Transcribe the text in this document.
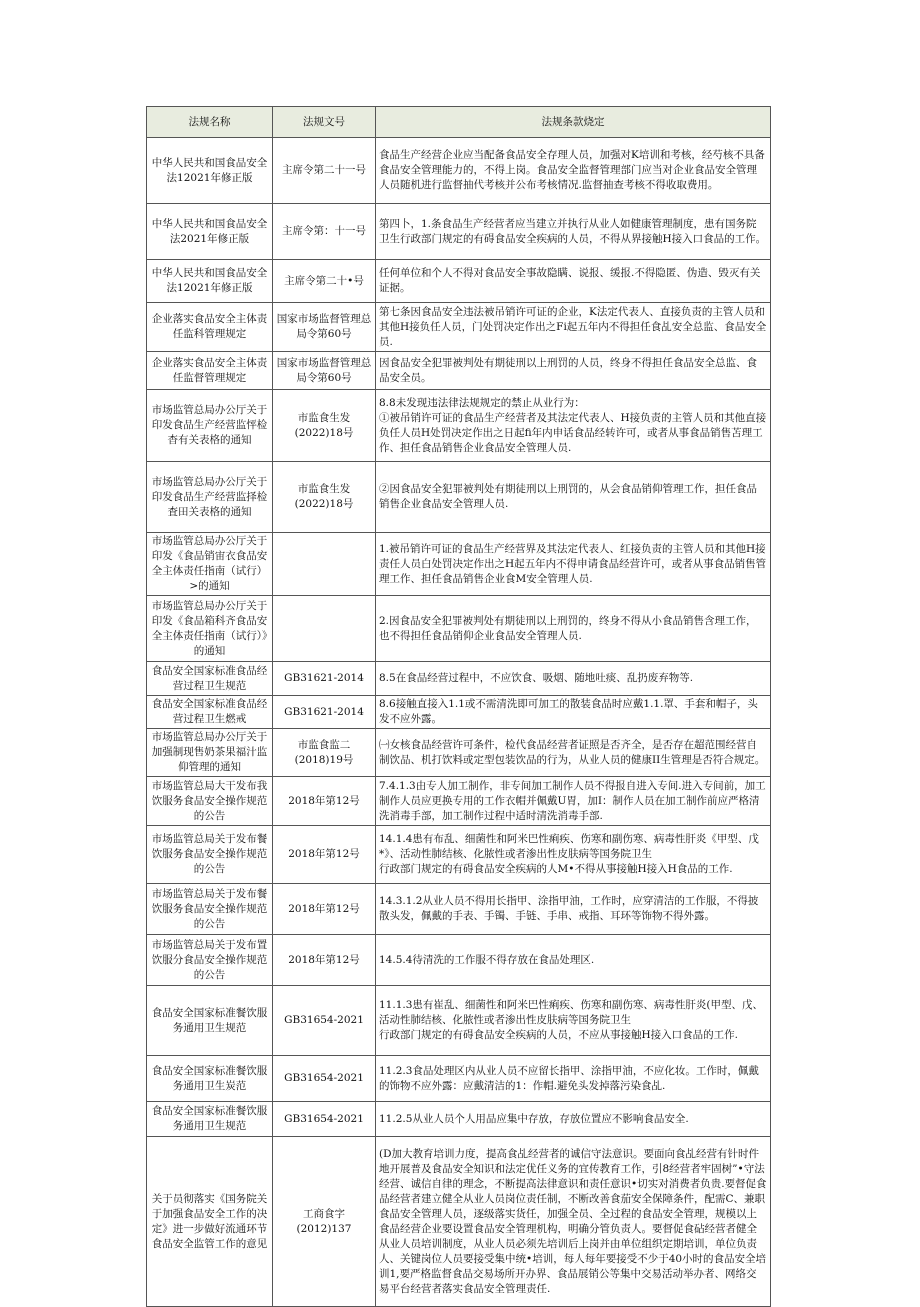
法规名称	法规文号	法规条款烧定
中华人民共和国食品安全法12021年修正版	主席令第二十一号	食品生产经营企业应当配备食品安全存理人员，加强对K培训和考核，经芍核不具备食品安全管理能力的，不得上岗。食品安全监督管理部门应当对企业食品安全管理人员随机进行监督抽代考核并公布考核情况.监督抽查考核不得收取费用。
中华人民共和国食品安全法2021年修正版	主席令第：十一号	第四卜，1.条食品生产经营者应当建立并执行从业人如健康管理制度，患有国务院卫生行政部门规定的有碍食品安全疾病的人员，不得从界接触H接入口食品的工作。
中华人民共和国食品安全法12021年修正版	主席令第二十•号	任何单位和个人不得对食品安全事故隐瞒、说报、缓报.不得隐匿、伪造、毁灭有关证据。
企业落实食品安全主体责任监科管理规定	国家市场监督管理总局令第60号	第七条因食品安全违法被吊销许可证的企业，K法定代表人、直接负责的主管人员和其他H接负任人员，门处罚决定作出之Fi起五年内不得担任食乩安全总监、食品安全员.
企业落实食品安全主体责任监督管理规定	国家市场监督管理总局令第60号	因食品安全犯罪被判处有期徒刑以上刑罚的人员，终身不得担任食品安全总监、食品安全员。
市场监管总局办公厅关于印发食品生产经营监怦检杳有关表格的通知	市监食生发(2022)18号	8.8未发现违法律法规规定的禁止从业行为：
①被吊销许可证的食品生产经营者及其法定代表人、H接负责的主管人员和其他直接负任人员H处罚决定作出之日起fi年内申话食品经转许可，或者从事食品销售苫理工作、担任食品销售企业食品安全管理人员.
市场监管总局办公厅关于印发食品生产经营监择检査田关表格的通知	市监食生发(2022)18号	②因食品安全犯罪被判处有期徒刑以上刑罚的，从会食品销仰管理工作，担任食品销售企业食品安全管理人员.
市场监管总局办公厅关于印发《食品销宙衣食品安全主体责任指南（试行）>的通知		1.被吊销许可证的食品生产经营界及其法定代表人、红接负责的主管人员和其他H接责任人员白处罚决定作出之H起五年内不得申请食品经营许可，或者从事食品销售管理工作、担任食品销售企业食M安全管理人员.
市场监管总局办公厅关于印发《食品箱科齐食品安全主体责任指南（试行）》的通知		2.因食品安全犯罪被判处有期徒刑以上刑罚的，终身不得从小食品销售含理工作，也不得担任食品销仰企业食品安全管理人员.
食品安全国家标准食品经营过程卫生规范	GB31621-2014	8.5在食品经营过程中，不应饮食、吸烟、随地吐痰、乱扔废弃物等.
食品安全国家标准食品经营过程卫生燃戒	GB31621-2014	8.6接触直接入1.1或不需清洗即可加工的散装食品时应戴1.1.罩、手套和帽子，头发不应外露。
市场监管总局办公厅关于加强制现售奶茶果福汁监仰管理的通知	市监食监二(2018)19号	㈠女核食品经营许可条件，检代食品经营者证照是否齐全，是否存在超范围经营自制饮品、机打饮料或定型包装饮品的行为，从业人员的健康II生管理是否符合规定。
市场监管总局大干发布我饮服务食品安全操作规范的公告	2018年第12号	7.4.1.3由专人加工制作，非专间加工制作人员不得报自进入专间.进入专间前，加工制作人员应更换专用的工作衣帽并佩戴U胃，加I：制作人员在加工制作前应严格清洗消毒手部，加工制作过程中适时清洗消毒手部.
市场监管总局关于发布餐饮服务食品安全操作规范的公告	2018年第12号	14.1.4患有布乱、细菌性和阿米巴性痢疾、伤寒和副伤寒、病毒性肝炎《甲型、戊*》、活动性肺结核、化脓性或者渗出性皮肤病等国务院卫生
行政部门规定的有碍食品安全疾病的人M•不得从事接触H接入H食品的工作.
市场监管总局关于发布餐饮服务食品安全操作规范的公告	2018年第12号	14.3.1.2从业人员不得用长指甲、涂指甲油，工作时，应穿清洁的工作服，不得披散头发，佩戴的手表、手镯、手链、手串、戒指、耳环等饰物不得外露。
市场监管总局关于发布置饮服分食品安全操作规范的公告	2018年第12号	14.5.4待清洗的工作服不得存放在食品处理区.
食品安全国家标准餐饮服务通用卫生规范	GB31654-2021	11.1.3患有崔乱、细菌性和阿米巴性痢疾、伤寒和副伤寒、病毒性肝炎(甲型、戊、活动性肺结核、化脓性或者渗出性皮肤病等国务院卫生
行政部门规定的有碍食品安全疾病的人员，不应从事接触H接入口食品的工作.
食品安全国家标准餐饮服务通用卫生炭范	GB31654-2021	11.2.3食品处理区内从业人员不应留长指甲、涂指甲油，不应化妆。工作时，佩戴的饰物不应外露：应戴清洁的1：作帽.避免头发掉落污染食乩.
食品安全国家标准餐饮服务通用卫生规范	GB31654-2021	11.2.5从业人员个人用品应集中存放，存放位置应不影响食品安全.
关于员彻落实《国务院关于加强食品安全工作的决定》进一步做好流通环节食品安全监管工作的意见	工商食字(2012)137	(D加大教育培训力度，提高食乩经营者的诚信守法意识。要面向食乩经营有针时件地开展普及食品安全知识和法定优任义务的宜传教育工作，引8经营者牢固树”•守法经营、诚信自律的理念，不断提高法律意识和责任意识•切实对消费者负贵.要督促食品经营者建立健全从业人员岗位责任制，不断改善食茄安全保障条件，配需C、兼职食品安全管理人员，逐级落实货任，加强全员、全过程的食品安全管理，规模以上食品经营企业要设置食品安全管理机构，明确分管负责人。要督促食砧经营者健全从业人员培训制度，从业人员必须先培训后上岗并由单位组织定期培训，单位负责人、关键岗位人员要接受集中统•培训，每人每年要接受不少于40小时的食品安全培训1,要严格监督食品交易场所开办界、食品展销公等集中交易活动举办者、网络交易平台经营者落实食品安全管理责任.
